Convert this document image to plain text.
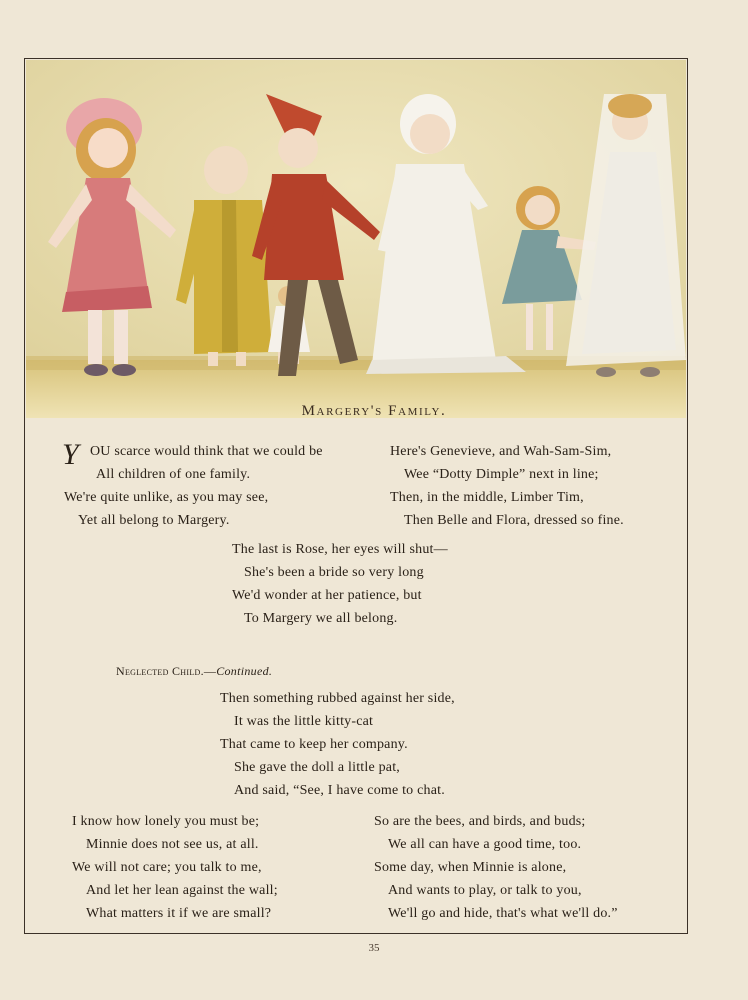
Margery's Family.
Y OU scarce would think that we could be
All children of one family.
We're quite unlike, as you may see,
Yet all belong to Margery.
Here's Genevieve, and Wah-Sam-Sim,
Wee “Dotty Dimple” next in line;
Then, in the middle, Limber Tim,
Then Belle and Flora, dressed so fine.
The last is Rose, her eyes will shut—
She's been a bride so very long
We'd wonder at her patience, but
To Margery we all belong.
Neglected Child.—Continued.
Then something rubbed against her side,
It was the little kitty-cat
That came to keep her company.
She gave the doll a little pat,
And said, “See, I have come to chat.
I know how lonely you must be;
Minnie does not see us, at all.
We will not care; you talk to me,
And let her lean against the wall;
What matters it if we are small?
So are the bees, and birds, and buds;
We all can have a good time, too.
Some day, when Minnie is alone,
And wants to play, or talk to you,
We'll go and hide, that's what we'll do.”
35
